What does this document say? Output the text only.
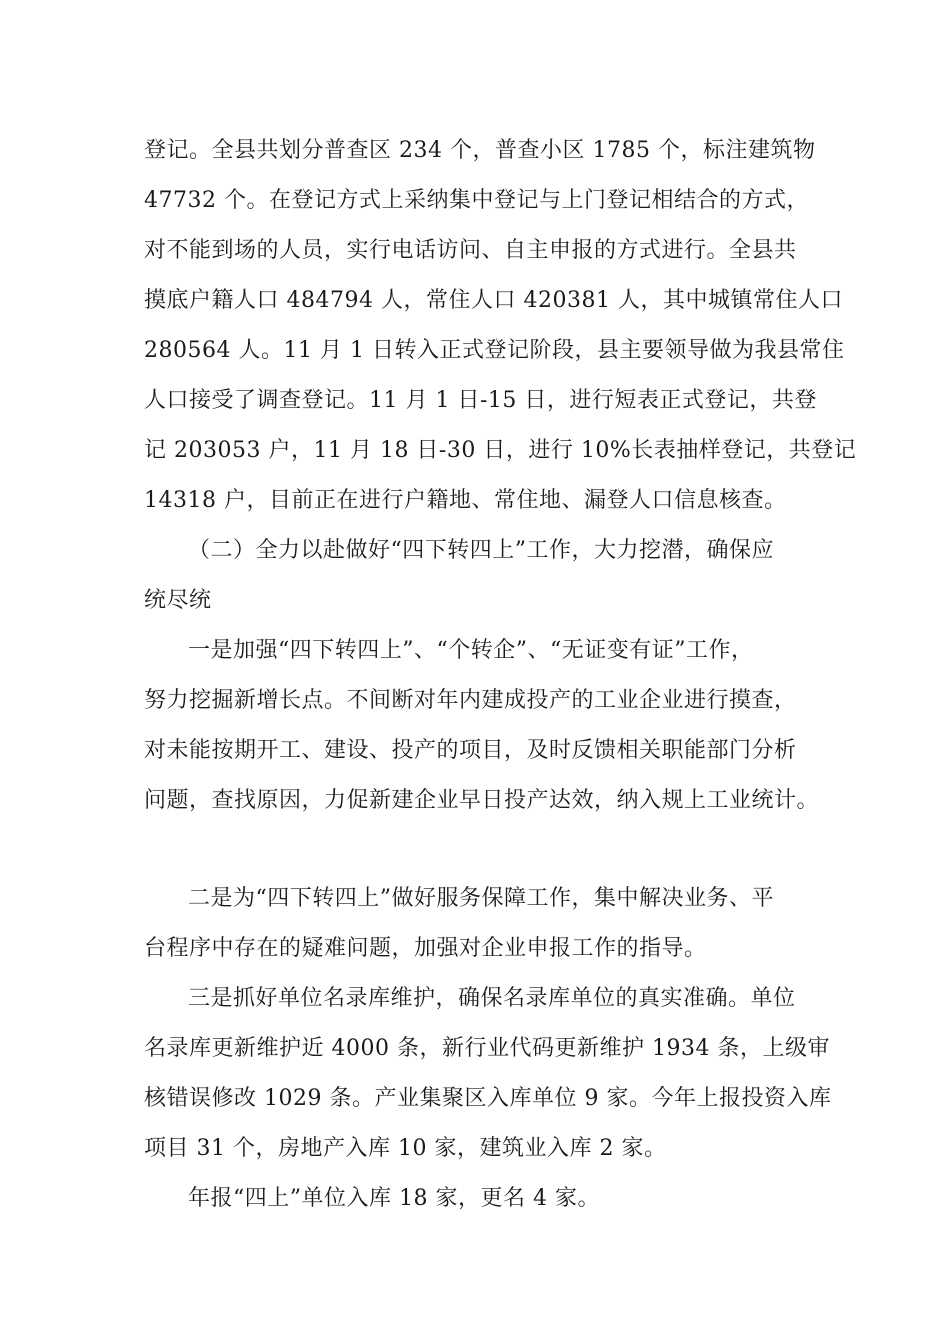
登记。全县共划分普查区 234 个，普查小区 1785 个，标注建筑物
47732 个。在登记方式上采纳集中登记与上门登记相结合的方式，
对不能到场的人员，实行电话访问、自主申报的方式进行。全县共
摸底户籍人口 484794 人，常住人口 420381 人，其中城镇常住人口
280564 人。11 月 1 日转入正式登记阶段，县主要领导做为我县常住
人口接受了调查登记。11 月 1 日-15 日，进行短表正式登记，共登
记 203053 户，11 月 18 日-30 日，进行 10%长表抽样登记，共登记
14318 户，目前正在进行户籍地、常住地、漏登人口信息核查。
（二）全力以赴做好“四下转四上”工作，大力挖潜，确保应
统尽统
一是加强“四下转四上”、“个转企”、“无证变有证”工作，
努力挖掘新增长点。不间断对年内建成投产的工业企业进行摸查，
对未能按期开工、建设、投产的项目，及时反馈相关职能部门分析
问题，查找原因，力促新建企业早日投产达效，纳入规上工业统计。
二是为“四下转四上”做好服务保障工作，集中解决业务、平
台程序中存在的疑难问题，加强对企业申报工作的指导。
三是抓好单位名录库维护，确保名录库单位的真实准确。单位
名录库更新维护近 4000 条，新行业代码更新维护 1934 条，上级审
核错误修改 1029 条。产业集聚区入库单位 9 家。今年上报投资入库
项目 31 个，房地产入库 10 家，建筑业入库 2 家。
年报“四上”单位入库 18 家，更名 4 家。
